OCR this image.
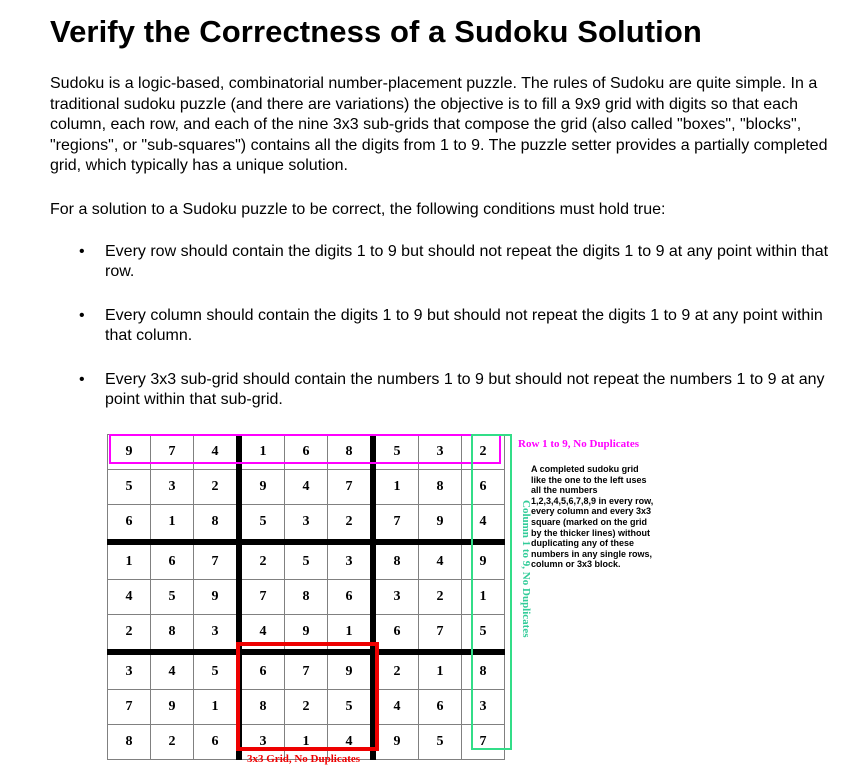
Verify the Correctness of a Sudoku Solution

Sudoku is a logic-based, combinatorial number-placement puzzle. The rules of Sudoku are quite simple. In a traditional sudoku puzzle (and there are variations) the objective is to fill a 9x9 grid with digits so that each column, each row, and each of the nine 3x3 sub-grids that compose the grid (also called "boxes", "blocks", "regions", or "sub-squares") contains all the digits from 1 to 9. The puzzle setter provides a partially completed grid, which typically has a unique solution.

For a solution to a Sudoku puzzle to be correct, the following conditions must hold true:

• Every row should contain the digits 1 to 9 but should not repeat the digits 1 to 9 at any point within that row.
• Every column should contain the digits 1 to 9 but should not repeat the digits 1 to 9 at any point within that column.
• Every 3x3 sub-grid should contain the numbers 1 to 9 but should not repeat the numbers 1 to 9 at any point within that sub-grid.
9	7	4	1	6	8	5	3	2
5	3	2	9	4	7	1	8	6
6	1	8	5	3	2	7	9	4
1	6	7	2	5	3	8	4	9
4	5	9	7	8	6	3	2	1
2	8	3	4	9	1	6	7	5
3	4	5	6	7	9	2	1	8
7	9	1	8	2	5	4	6	3
8	2	6	3	1	4	9	5	7
Row 1 to 9, No Duplicates
Column 1 to 9, No Duplicates
3x3 Grid, No Duplicates
A completed sudoku grid like the one to the left uses all the numbers 1,2,3,4,5,6,7,8,9 in every row, every column and every 3x3 square (marked on the grid by the thicker lines) without duplicating any of these numbers in any single rows, column or 3x3 block.
